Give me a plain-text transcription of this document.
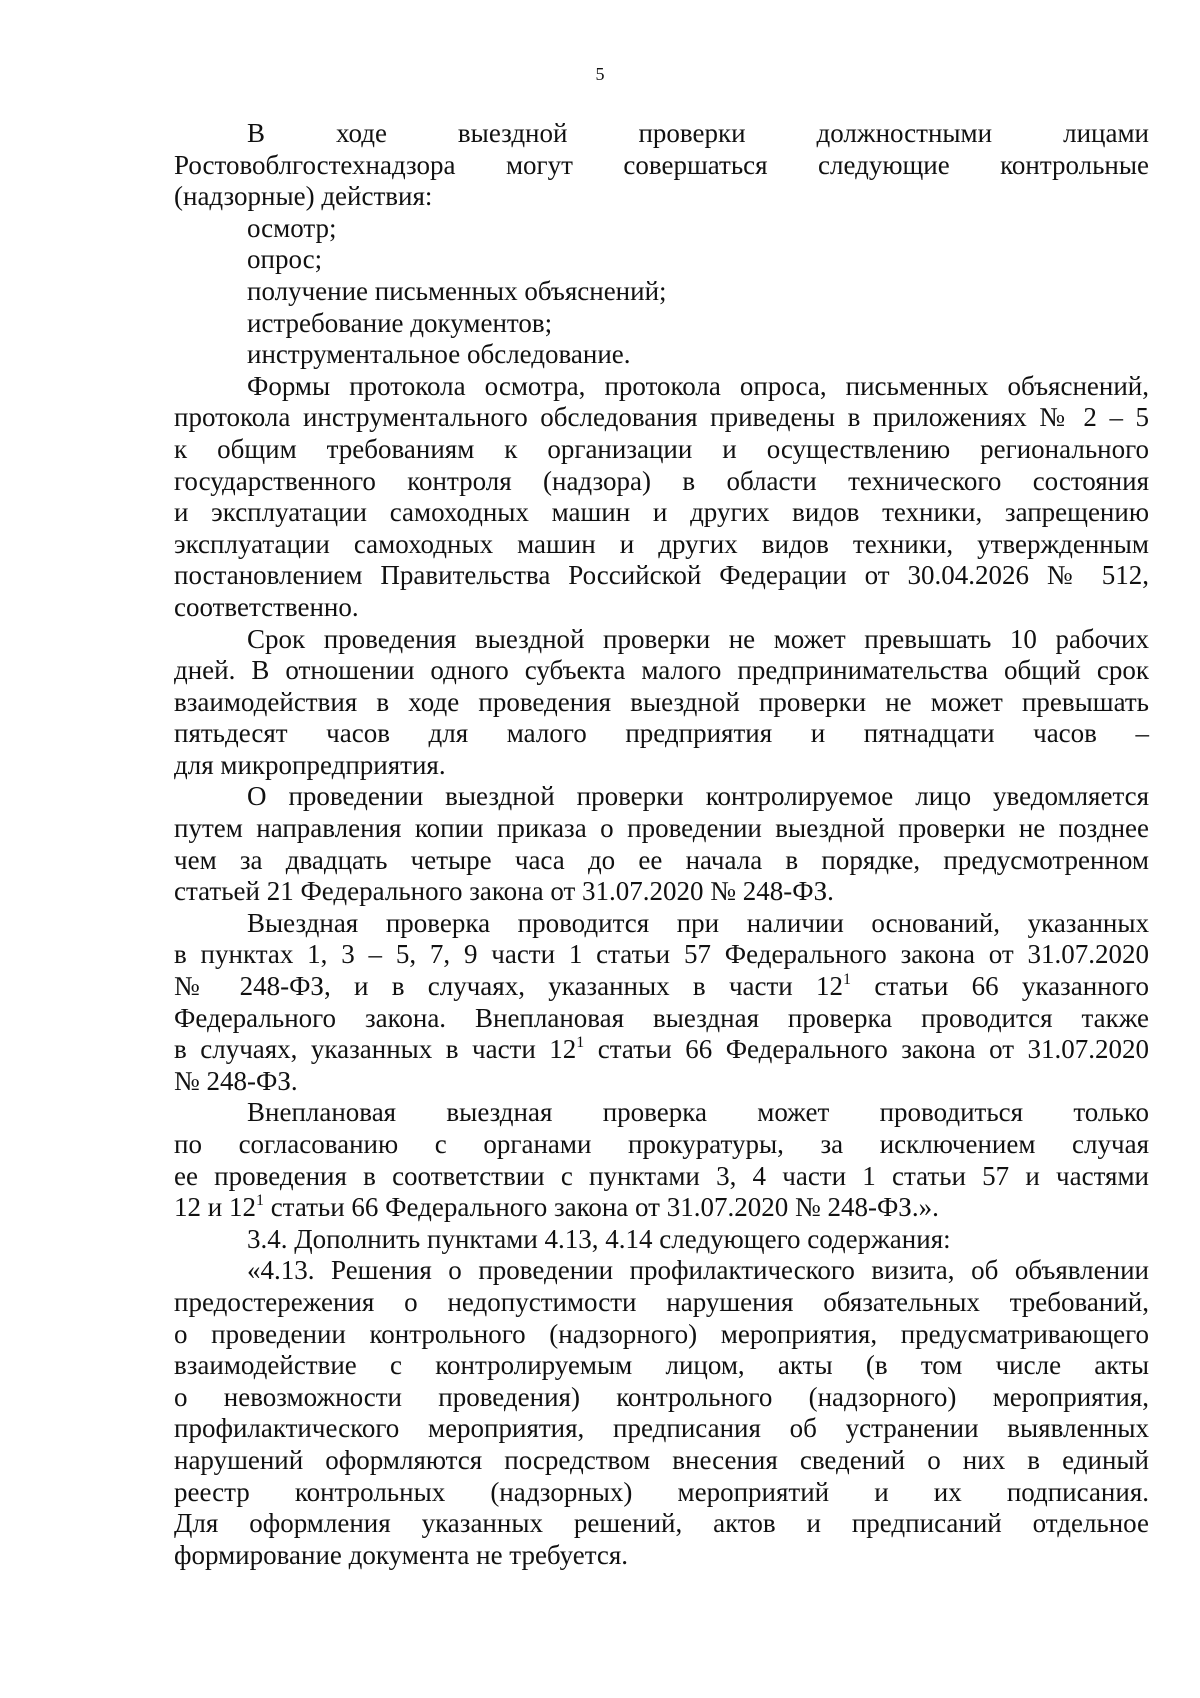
5

В ходе выездной проверки должностными лицами

Ростовоблгостехнадзора могут совершаться следующие контрольные

(надзорные) действия:

осмотр;

опрос;

получение письменных объяснений;

истребование документов;

инструментальное обследование.

Формы протокола осмотра, протокола опроса, письменных объяснений,

протокола инструментального обследования приведены в приложениях № 2 – 5

к общим требованиям к организации и осуществлению регионального

государственного контроля (надзора) в области технического состояния

и эксплуатации самоходных машин и других видов техники, запрещению

эксплуатации самоходных машин и других видов техники, утвержденным

постановлением Правительства Российской Федерации от 30.04.2026 № 512,

соответственно.

Срок проведения выездной проверки не может превышать 10 рабочих

дней. В отношении одного субъекта малого предпринимательства общий срок

взаимодействия в ходе проведения выездной проверки не может превышать

пятьдесят часов для малого предприятия и пятнадцати часов –

для микропредприятия.

О проведении выездной проверки контролируемое лицо уведомляется

путем направления копии приказа о проведении выездной проверки не позднее

чем за двадцать четыре часа до ее начала в порядке, предусмотренном

статьей 21 Федерального закона от 31.07.2020 № 248-ФЗ.

Выездная проверка проводится при наличии оснований, указанных

в пунктах 1, 3 – 5, 7, 9 части 1 статьи 57 Федерального закона от 31.07.2020

№ 248-ФЗ, и в случаях, указанных в части $12^1$ статьи 66 указанного

Федерального закона. Внеплановая выездная проверка проводится также

в случаях, указанных в части $12^1$ статьи 66 Федерального закона от 31.07.2020

№ 248-ФЗ.

Внеплановая выездная проверка может проводиться только

по согласованию с органами прокуратуры, за исключением случая

ее проведения в соответствии с пунктами 3, 4 части 1 статьи 57 и частями

12 и $12^1$ статьи 66 Федерального закона от 31.07.2020 № 248-ФЗ.».

3.4. Дополнить пунктами 4.13, 4.14 следующего содержания:

«4.13. Решения о проведении профилактического визита, об объявлении

предостережения о недопустимости нарушения обязательных требований,

о проведении контрольного (надзорного) мероприятия, предусматривающего

взаимодействие с контролируемым лицом, акты (в том числе акты

о невозможности проведения) контрольного (надзорного) мероприятия,

профилактического мероприятия, предписания об устранении выявленных

нарушений оформляются посредством внесения сведений о них в единый

реестр контрольных (надзорных) мероприятий и их подписания.

Для оформления указанных решений, актов и предписаний отдельное

формирование документа не требуется.
